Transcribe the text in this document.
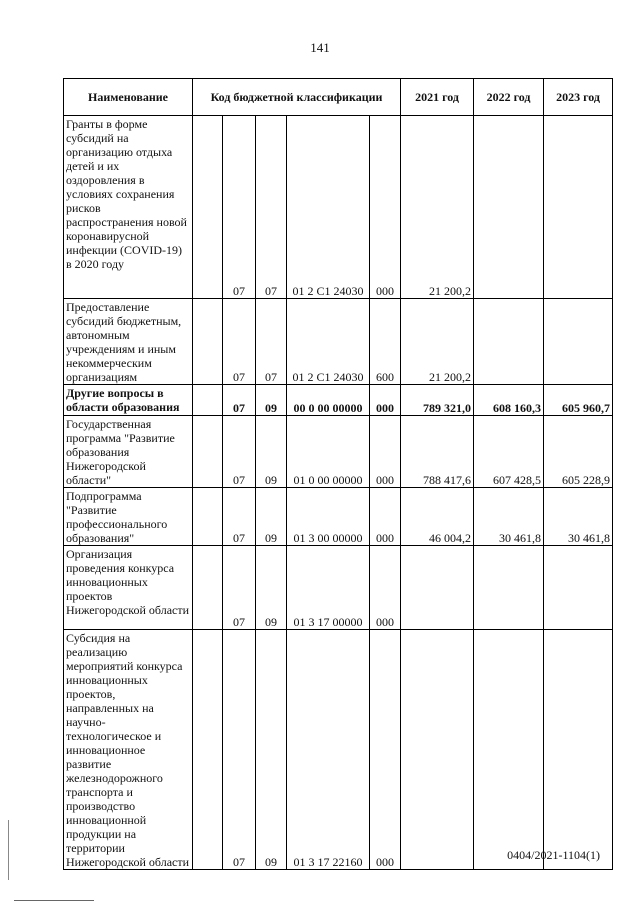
141
Наименование	Код бюджетной классификации					2021 год	2022 год	2023 год
Гранты в форме субсидий на организацию отдыха детей и их оздоровления в условиях сохранения рисков распространения новой коронавирусной инфекции (COVID-19) в 2020 году		07	07	01 2 C1 24030	000	21 200,2		
Предоставление субсидий бюджетным, автономным учреждениям и иным некоммерческим организациям		07	07	01 2 C1 24030	600	21 200,2		
Другие вопросы в области образования		07	09	00 0 00 00000	000	789 321,0	608 160,3	605 960,7
Государственная программа "Развитие образования Нижегородской области"		07	09	01 0 00 00000	000	788 417,6	607 428,5	605 228,9
Подпрограмма "Развитие профессионального образования"		07	09	01 3 00 00000	000	46 004,2	30 461,8	30 461,8
Организация проведения конкурса инновационных проектов Нижегородской области		07	09	01 3 17 00000	000			
Субсидия на реализацию мероприятий конкурса инновационных проектов, направленных на научно-технологическое и инновационное развитие железнодорожного транспорта и производство инновационной продукции на территории Нижегородской области		07	09	01 3 17 22160	000				0404/2021-1104(1)
